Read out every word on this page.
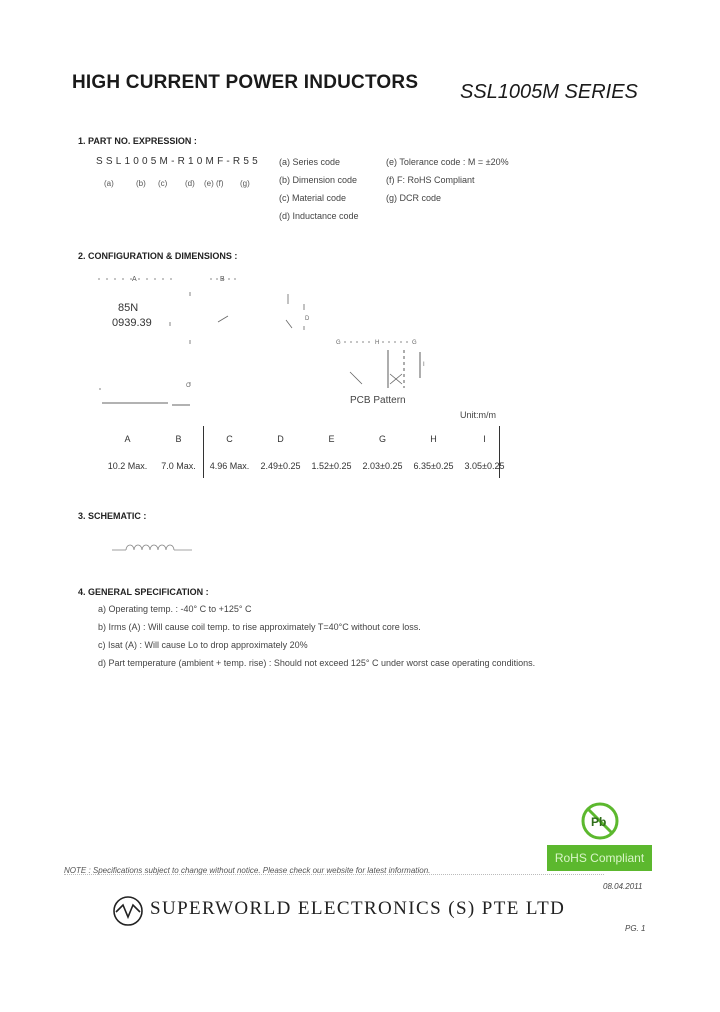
HIGH CURRENT POWER INDUCTORS SSL1005M SERIES
1. PART NO. EXPRESSION :
SSL1005M-R10MF-R55
(a)	(b) (c) (d) (e) (f) (g)
(a) Series code
(b) Dimension code
(c) Material code
(d) Inductance code
(e) Tolerance code : M = ±20%
(f) F: RoHS Compliant
(g) DCR code
2. CONFIGURATION & DIMENSIONS :
A	B
C
D
G	H	G
I
85N
0939.39
PCB Pattern
Unit:m/m
A	B	C	D	E	G	H	I
10.2 Max.	7.0 Max.	4.96 Max.	2.49±0.25	1.52±0.25	2.03±0.25	6.35±0.25	3.05±0.25
3. SCHEMATIC :
4. GENERAL SPECIFICATION :
a) Operating temp. : -40° C to +125° C
b) Irms (A) : Will cause coil temp. to rise approximately T=40°C without core loss.
c) Isat (A) : Will cause Lo to drop approximately 20%
d) Part temperature (ambient + temp. rise) : Should not exceed 125° C under worst case operating conditions.
Pb
RoHS Compliant
NOTE : Specifications subject to change without notice. Please check our website for latest information.
08.04.2011
SUPERWORLD ELECTRONICS (S) PTE LTD
PG. 1
